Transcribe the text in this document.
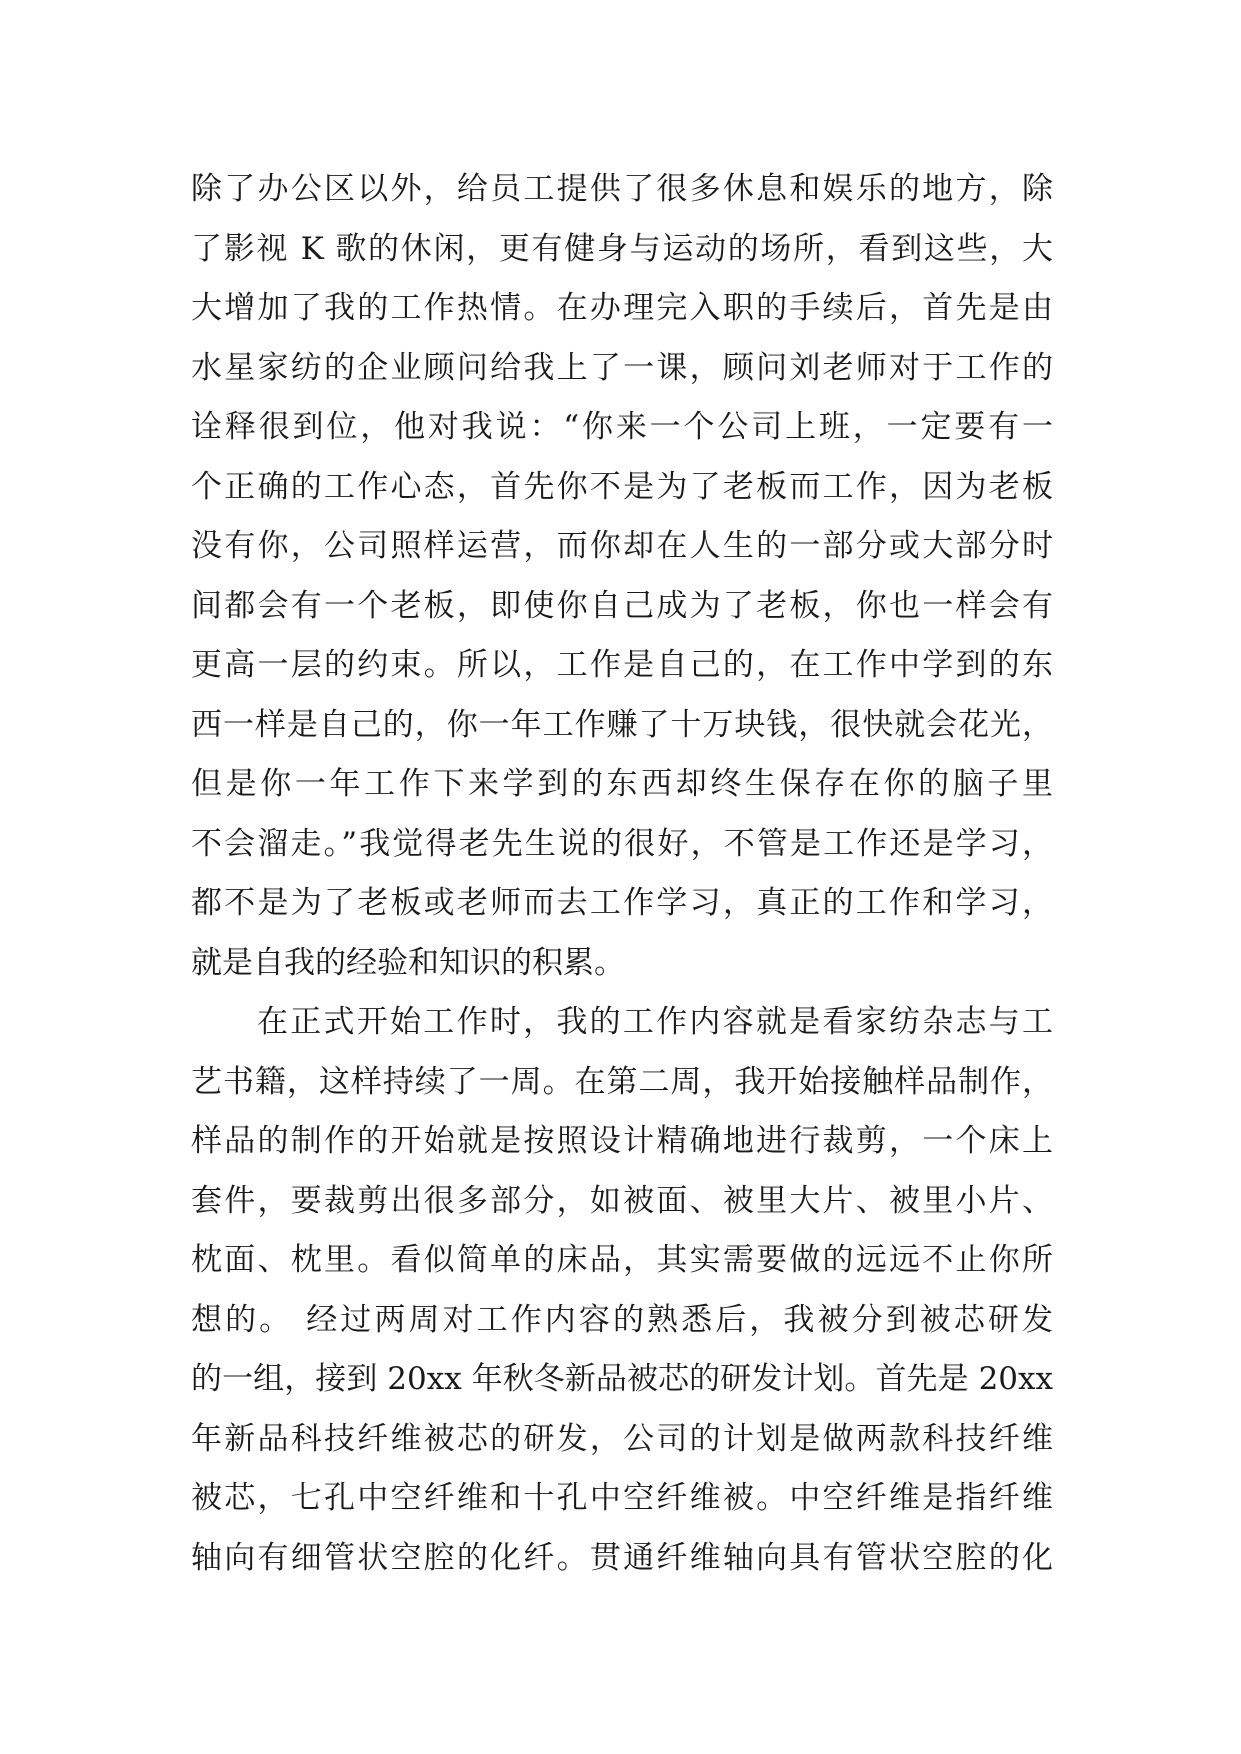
除了办公区以外，给员工提供了很多休息和娱乐的地方，除
了影视 K 歌的休闲，更有健身与运动的场所，看到这些，大
大增加了我的工作热情。在办理完入职的手续后，首先是由
水星家纺的企业顾问给我上了一课，顾问刘老师对于工作的
诠释很到位，他对我说：“你来一个公司上班，一定要有一
个正确的工作心态，首先你不是为了老板而工作，因为老板
没有你，公司照样运营，而你却在人生的一部分或大部分时
间都会有一个老板，即使你自己成为了老板，你也一样会有
更高一层的约束。所以，工作是自己的，在工作中学到的东
西一样是自己的，你一年工作赚了十万块钱，很快就会花光，
但是你一年工作下来学到的东西却终生保存在你的脑子里
不会溜走。”我觉得老先生说的很好，不管是工作还是学习，
都不是为了老板或老师而去工作学习，真正的工作和学习，
就是自我的经验和知识的积累。
在正式开始工作时，我的工作内容就是看家纺杂志与工
艺书籍，这样持续了一周。在第二周，我开始接触样品制作，
样品的制作的开始就是按照设计精确地进行裁剪，一个床上
套件，要裁剪出很多部分，如被面、被里大片、被里小片、
枕面、枕里。看似简单的床品，其实需要做的远远不止你所
想的。 经过两周对工作内容的熟悉后，我被分到被芯研发
的一组，接到 20xx 年秋冬新品被芯的研发计划。首先是 20xx
年新品科技纤维被芯的研发，公司的计划是做两款科技纤维
被芯，七孔中空纤维和十孔中空纤维被。中空纤维是指纤维
轴向有细管状空腔的化纤。贯通纤维轴向具有管状空腔的化
